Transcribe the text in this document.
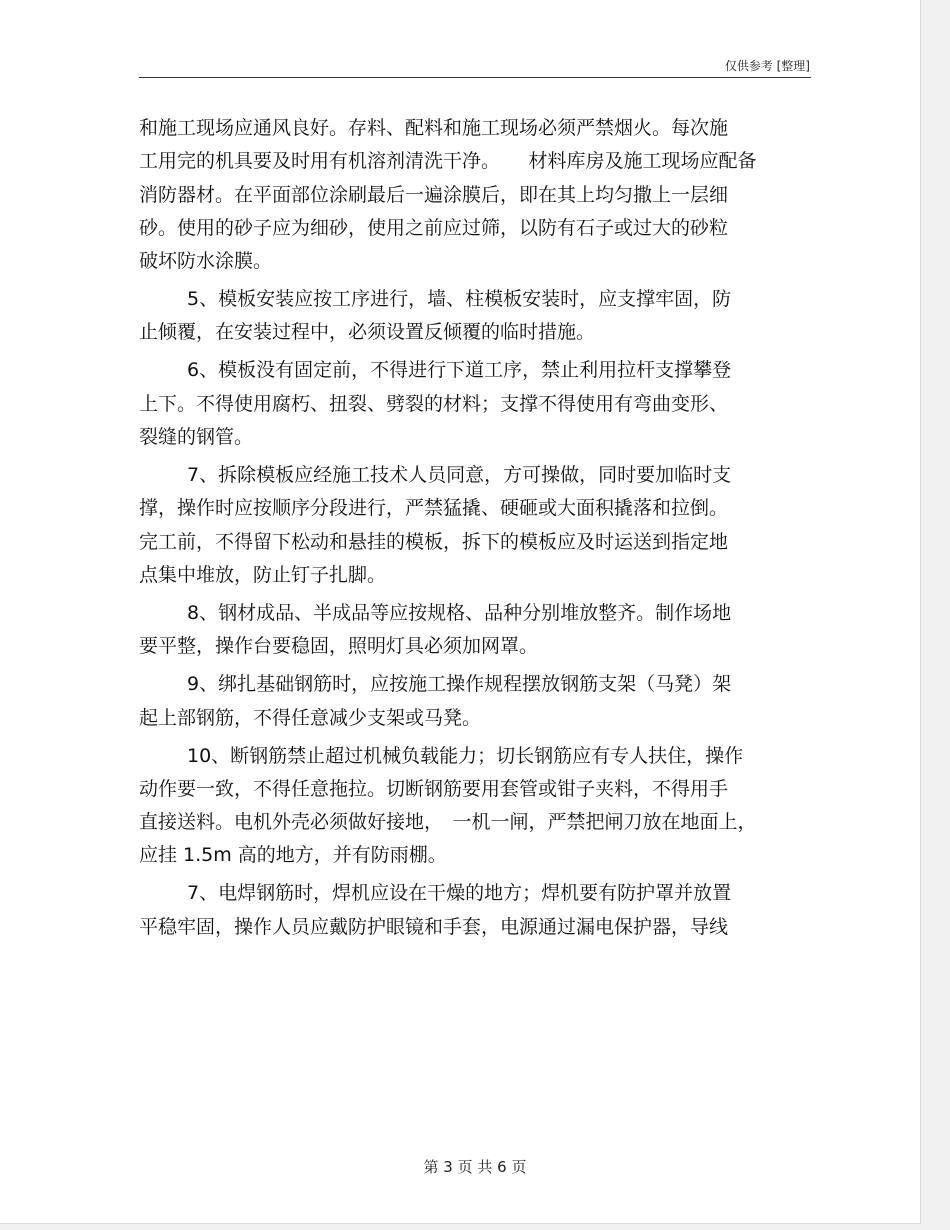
仅供参考 [整理]
和施工现场应通风良好。存料、配料和施工现场必须严禁烟火。每次施
工用完的机具要及时用有机溶剂清洗干净。　　材料库房及施工现场应配备
消防器材。在平面部位涂刷最后一遍涂膜后，即在其上均匀撒上一层细
砂。使用的砂子应为细砂，使用之前应过筛，以防有石子或过大的砂粒
破坏防水涂膜。
5、模板安装应按工序进行，墙、柱模板安装时，应支撑牢固，防
止倾覆，在安装过程中，必须设置反倾覆的临时措施。
6、模板没有固定前，不得进行下道工序，禁止利用拉杆支撑攀登
上下。不得使用腐朽、扭裂、劈裂的材料；支撑不得使用有弯曲变形、
裂缝的钢管。
7、拆除模板应经施工技术人员同意，方可操做，同时要加临时支
撑，操作时应按顺序分段进行，严禁猛撬、硬砸或大面积撬落和拉倒。
完工前，不得留下松动和悬挂的模板，拆下的模板应及时运送到指定地
点集中堆放，防止钉子扎脚。
8、钢材成品、半成品等应按规格、品种分别堆放整齐。制作场地
要平整，操作台要稳固，照明灯具必须加网罩。
9、绑扎基础钢筋时，应按施工操作规程摆放钢筋支架（马凳）架
起上部钢筋，不得任意减少支架或马凳。
10、断钢筋禁止超过机械负载能力；切长钢筋应有专人扶住，操作
动作要一致，不得任意拖拉。切断钢筋要用套管或钳子夹料，不得用手
直接送料。电机外壳必须做好接地，　一机一闸，严禁把闸刀放在地面上，
应挂 1.5m 高的地方，并有防雨棚。
7、电焊钢筋时，焊机应设在干燥的地方；焊机要有防护罩并放置
平稳牢固，操作人员应戴防护眼镜和手套，电源通过漏电保护器，导线
第 3 页 共 6 页
